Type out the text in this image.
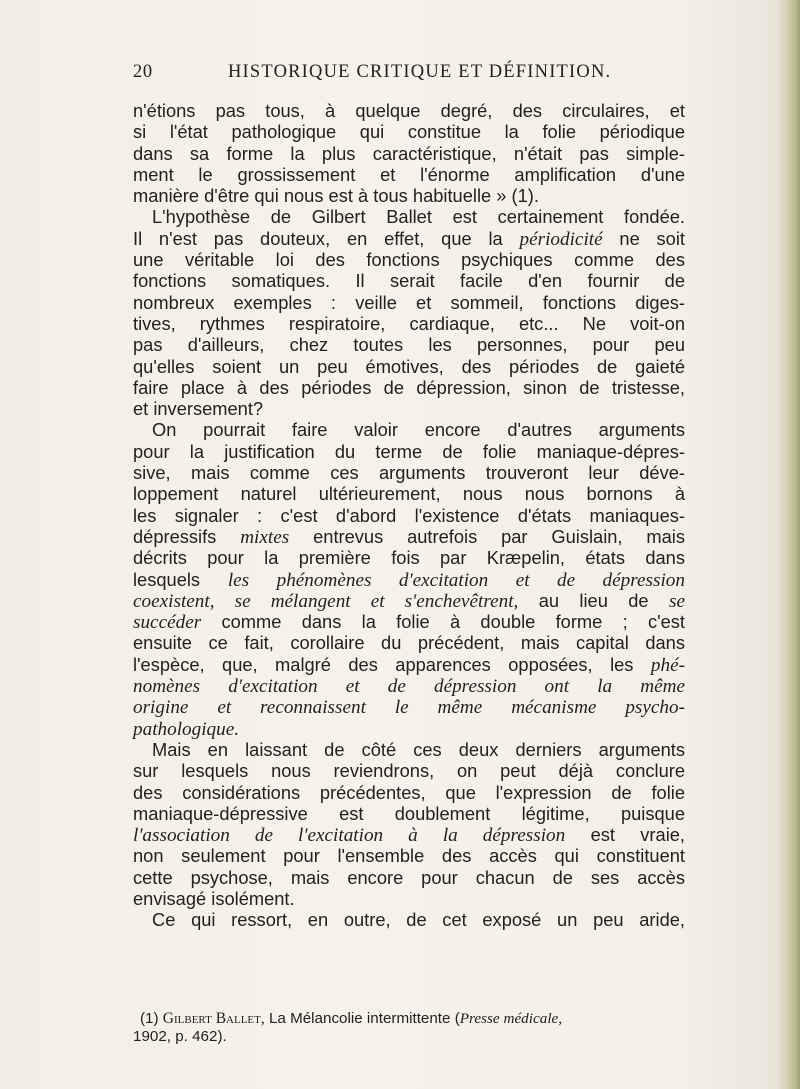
20	HISTORIQUE CRITIQUE ET DÉFINITION.
n'étions pas tous, à quelque degré, des circulaires, et
si l'état pathologique qui constitue la folie périodique
dans sa forme la plus caractéristique, n'était pas simple-
ment le grossissement et l'énorme amplification d'une
manière d'être qui nous est à tous habituelle » (1).
L'hypothèse de Gilbert Ballet est certainement fondée.
Il n'est pas douteux, en effet, que la périodicité ne soit
une véritable loi des fonctions psychiques comme des
fonctions somatiques. Il serait facile d'en fournir de
nombreux exemples : veille et sommeil, fonctions diges-
tives, rythmes respiratoire, cardiaque, etc... Ne voit-on
pas d'ailleurs, chez toutes les personnes, pour peu
qu'elles soient un peu émotives, des périodes de gaieté
faire place à des périodes de dépression, sinon de tristesse,
et inversement?
On pourrait faire valoir encore d'autres arguments
pour la justification du terme de folie maniaque-dépres-
sive, mais comme ces arguments trouveront leur déve-
loppement naturel ultérieurement, nous nous bornons à
les signaler : c'est d'abord l'existence d'états maniaques-
dépressifs mixtes entrevus autrefois par Guislain, mais
décrits pour la première fois par Kræpelin, états dans
lesquels les phénomènes d'excitation et de dépression
coexistent, se mélangent et s'enchevêtrent, au lieu de se
succéder comme dans la folie à double forme ; c'est
ensuite ce fait, corollaire du précédent, mais capital dans
l'espèce, que, malgré des apparences opposées, les phé-
nomènes d'excitation et de dépression ont la même
origine et reconnaissent le même mécanisme psycho-
pathologique.
Mais en laissant de côté ces deux derniers arguments
sur lesquels nous reviendrons, on peut déjà conclure
des considérations précédentes, que l'expression de folie
maniaque-dépressive est doublement légitime, puisque
l'association de l'excitation à la dépression est vraie,
non seulement pour l'ensemble des accès qui constituent
cette psychose, mais encore pour chacun de ses accès
envisagé isolément.
Ce qui ressort, en outre, de cet exposé un peu aride,
(1) Gilbert Ballet, La Mélancolie intermittente (Presse médicale,
1902, p. 462).
